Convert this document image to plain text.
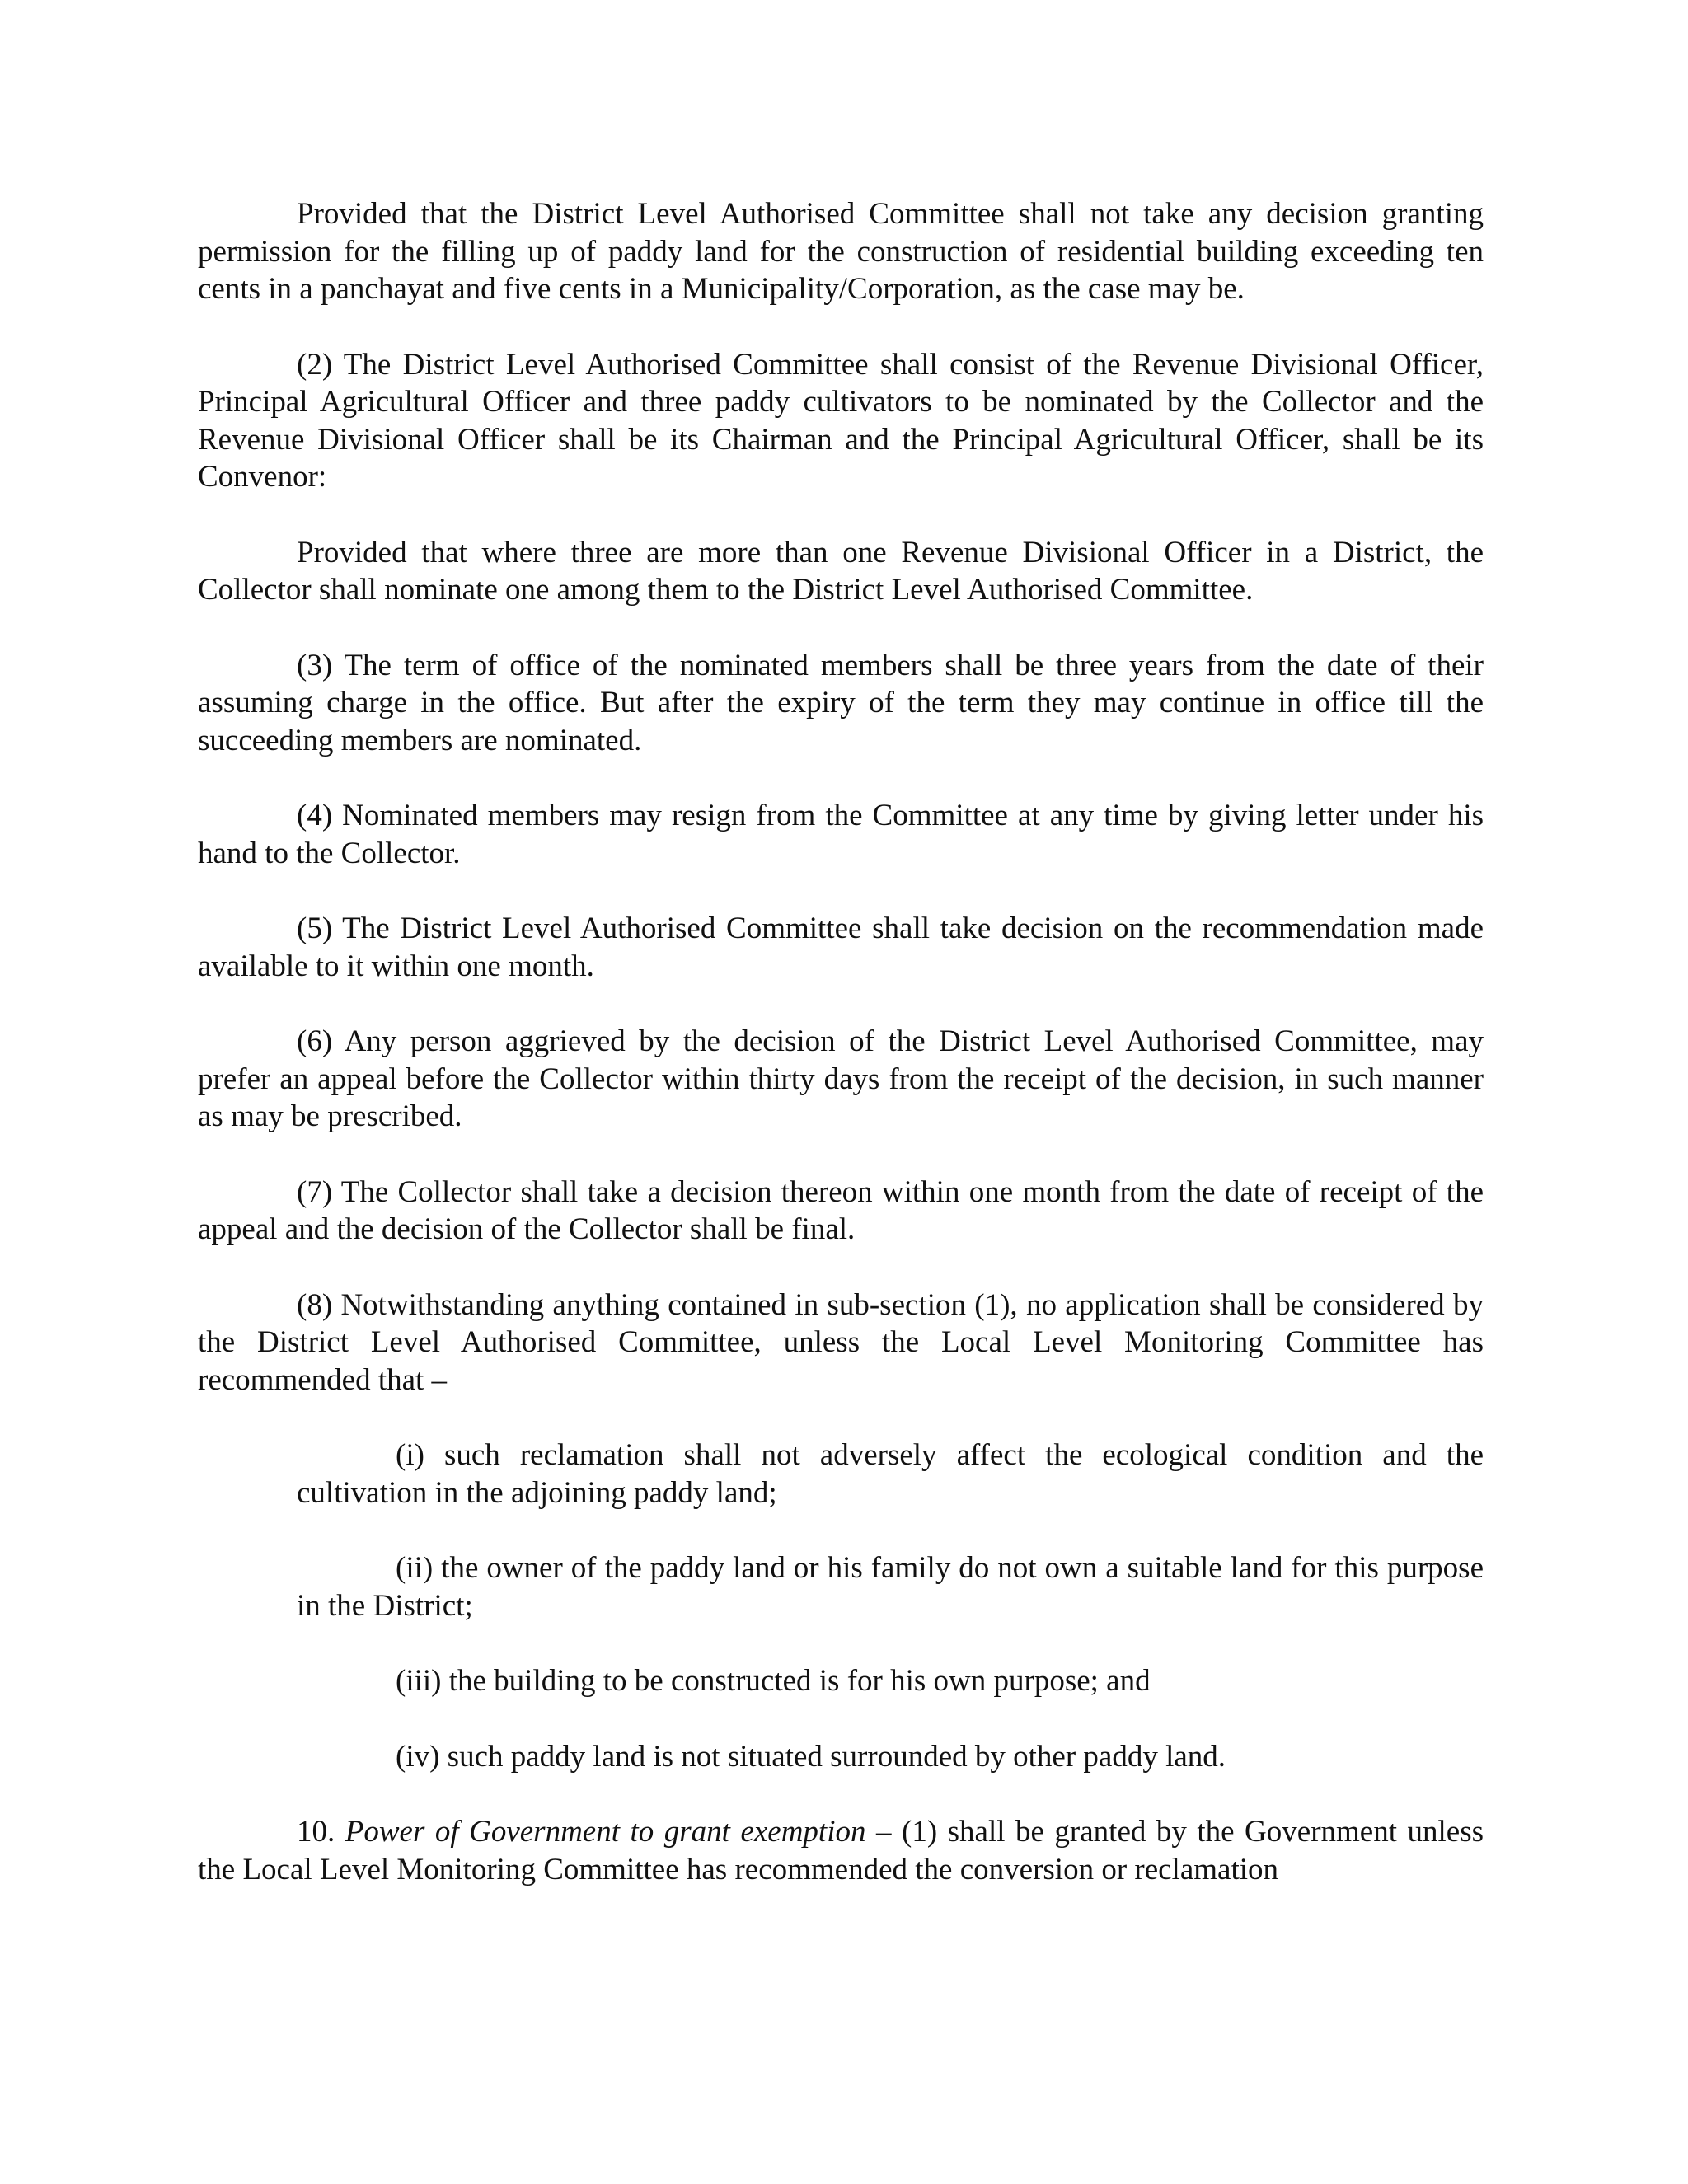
Provided that the District Level Authorised Committee shall not take any decision granting permission for the filling up of paddy land for the construction of residential building exceeding ten cents in a panchayat and five cents in a Municipality/Corporation, as the case may be.

(2) The District Level Authorised Committee shall consist of the Revenue Divisional Officer, Principal Agricultural Officer and three paddy cultivators to be nominated by the Collector and the Revenue Divisional Officer shall be its Chairman and the Principal Agricultural Officer, shall be its Convenor:

Provided that where three are more than one Revenue Divisional Officer in a District, the Collector shall nominate one among them to the District Level Authorised Committee.

(3) The term of office of the nominated members shall be three years from the date of their assuming charge in the office. But after the expiry of the term they may continue in office till the succeeding members are nominated.

(4) Nominated members may resign from the Committee at any time by giving letter under his hand to the Collector.

(5) The District Level Authorised Committee shall take decision on the recommendation made available to it within one month.

(6) Any person aggrieved by the decision of the District Level Authorised Committee, may prefer an appeal before the Collector within thirty days from the receipt of the decision, in such manner as may be prescribed.

(7) The Collector shall take a decision thereon within one month from the date of receipt of the appeal and the decision of the Collector shall be final.

(8) Notwithstanding anything contained in sub-section (1), no application shall be considered by the District Level Authorised Committee, unless the Local Level Monitoring Committee has recommended that –

(i) such reclamation shall not adversely affect the ecological condition and the cultivation in the adjoining paddy land;

(ii) the owner of the paddy land or his family do not own a suitable land for this purpose in the District;

(iii) the building to be constructed is for his own purpose; and

(iv) such paddy land is not situated surrounded by other paddy land.

10. Power of Government to grant exemption – (1) shall be granted by the Government unless the Local Level Monitoring Committee has recommended the conversion or reclamation
